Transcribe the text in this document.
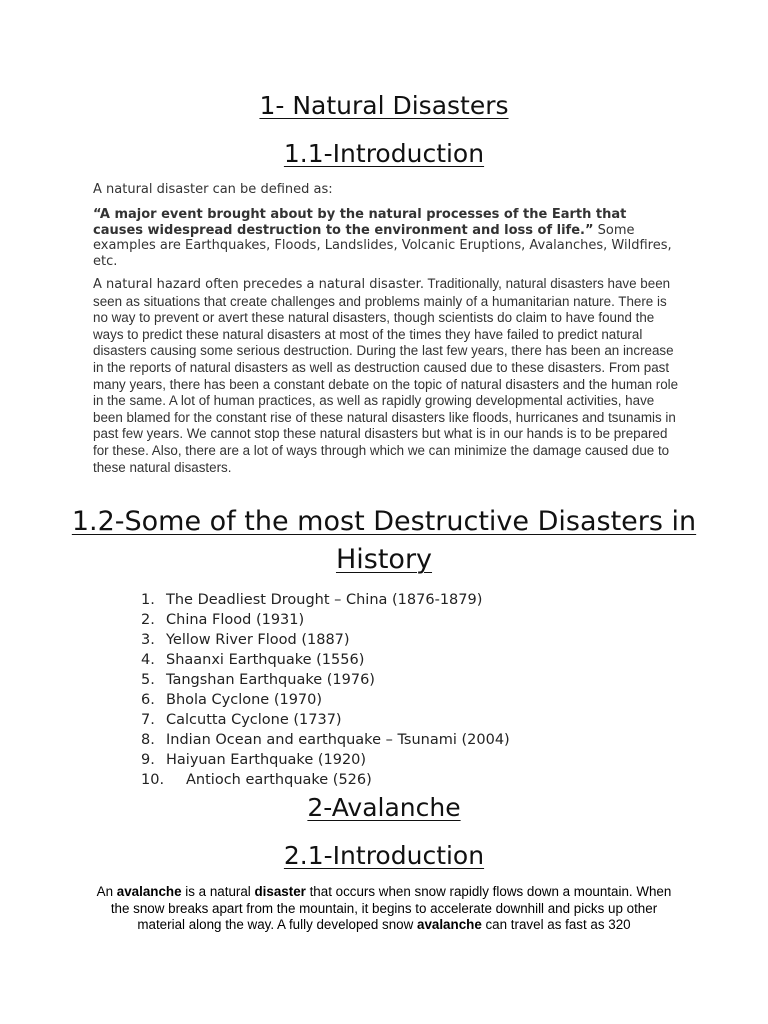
1- Natural Disasters
1.1-Introduction

A natural disaster can be defined as:

“A major event brought about by the natural processes of the Earth that causes widespread destruction to the environment and loss of life.” Some examples are Earthquakes, Floods, Landslides, Volcanic Eruptions, Avalanches, Wildfires, etc.

A natural hazard often precedes a natural disaster. Traditionally, natural disasters have been seen as situations that create challenges and problems mainly of a humanitarian nature. There is no way to prevent or avert these natural disasters, though scientists do claim to have found the ways to predict these natural disasters at most of the times they have failed to predict natural disasters causing some serious destruction. During the last few years, there has been an increase in the reports of natural disasters as well as destruction caused due to these disasters. From past many years, there has been a constant debate on the topic of natural disasters and the human role in the same. A lot of human practices, as well as rapidly growing developmental activities, have been blamed for the constant rise of these natural disasters like floods, hurricanes and tsunamis in past few years. We cannot stop these natural disasters but what is in our hands is to be prepared for these. Also, there are a lot of ways through which we can minimize the damage caused due to these natural disasters.

1.2-Some of the most Destructive Disasters in History
1. The Deadliest Drought – China (1876-1879)
2. China Flood (1931)
3. Yellow River Flood (1887)
4. Shaanxi Earthquake (1556)
5. Tangshan Earthquake (1976)
6. Bhola Cyclone (1970)
7. Calcutta Cyclone (1737)
8. Indian Ocean and earthquake – Tsunami (2004)
9. Haiyuan Earthquake (1920)
10. Antioch earthquake (526)
2-Avalanche
2.1-Introduction

An avalanche is a natural disaster that occurs when snow rapidly flows down a mountain. When the snow breaks apart from the mountain, it begins to accelerate downhill and picks up other material along the way. A fully developed snow avalanche can travel as fast as 320
